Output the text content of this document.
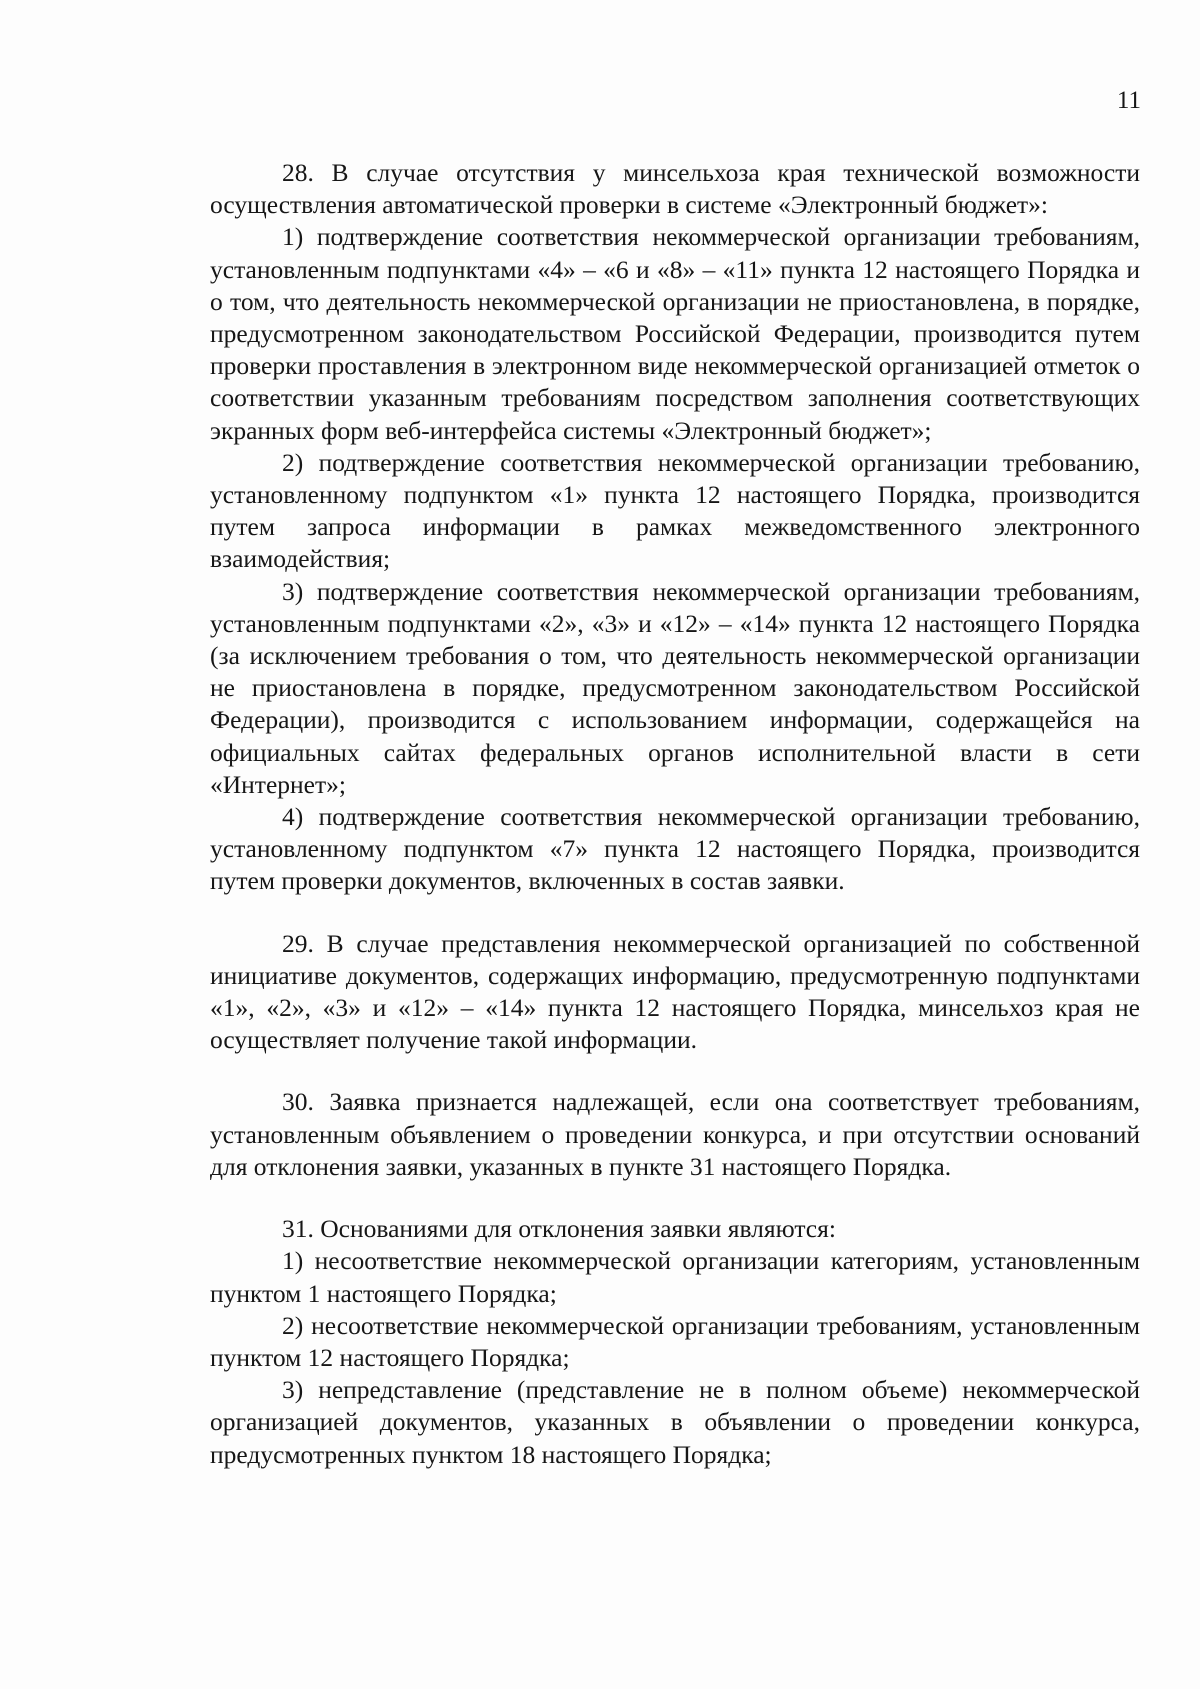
11

28. В случае отсутствия у минсельхоза края технической возможности осуществления автоматической проверки в системе «Электронный бюджет»:

1) подтверждение соответствия некоммерческой организации требованиям, установленным подпунктами «4» – «6 и «8» – «11» пункта 12 настоящего Порядка и о том, что деятельность некоммерческой организации не приостановлена, в порядке, предусмотренном законодательством Российской Федерации, производится путем проверки проставления в электронном виде некоммерческой организацией отметок о соответствии указанным требованиям посредством заполнения соответствующих экранных форм веб-интерфейса системы «Электронный бюджет»;

2) подтверждение соответствия некоммерческой организации требованию, установленному подпунктом «1» пункта 12 настоящего Порядка, производится путем запроса информации в рамках межведомственного электронного взаимодействия;

3) подтверждение соответствия некоммерческой организации требованиям, установленным подпунктами «2», «3» и «12» – «14» пункта 12 настоящего Порядка (за исключением требования о том, что деятельность некоммерческой организации не приостановлена в порядке, предусмотренном законодательством Российской Федерации), производится с использованием информации, содержащейся на официальных сайтах федеральных органов исполнительной власти в сети «Интернет»;

4) подтверждение соответствия некоммерческой организации требованию, установленному подпунктом «7» пункта 12 настоящего Порядка, производится путем проверки документов, включенных в состав заявки.

29. В случае представления некоммерческой организацией по собственной инициативе документов, содержащих информацию, предусмотренную подпунктами «1», «2», «3» и «12» – «14» пункта 12 настоящего Порядка, минсельхоз края не осуществляет получение такой информации.

30. Заявка признается надлежащей, если она соответствует требованиям, установленным объявлением о проведении конкурса, и при отсутствии оснований для отклонения заявки, указанных в пункте 31 настоящего Порядка.

31. Основаниями для отклонения заявки являются:

1) несоответствие некоммерческой организации категориям, установленным пунктом 1 настоящего Порядка;

2) несоответствие некоммерческой организации требованиям, установленным пунктом 12 настоящего Порядка;

3) непредставление (представление не в полном объеме) некоммерческой организацией документов, указанных в объявлении о проведении конкурса, предусмотренных пунктом 18 настоящего Порядка;
